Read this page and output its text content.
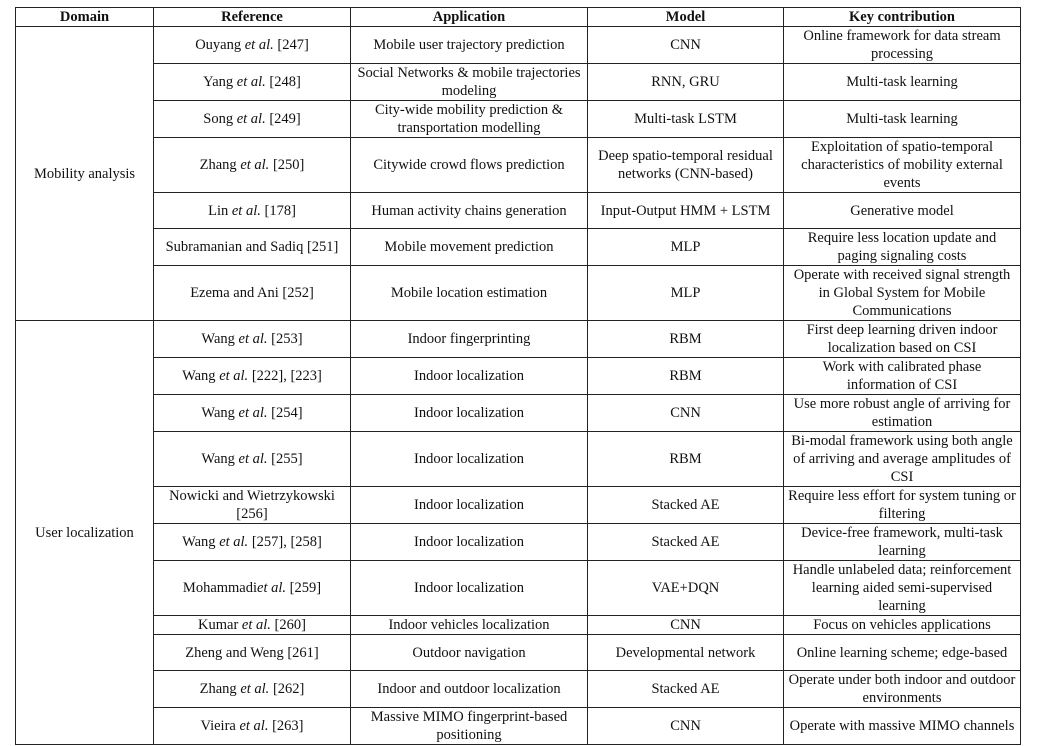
Domain	Reference	Application	Model	Key contribution
Mobility analysis	Ouyang et al. [247]	Mobile user trajectory prediction	CNN	Online framework for data stream processing
	Yang et al. [248]	Social Networks & mobile trajectories modeling	RNN, GRU	Multi-task learning
	Song et al. [249]	City-wide mobility prediction & transportation modelling	Multi-task LSTM	Multi-task learning
	Zhang et al. [250]	Citywide crowd flows prediction	Deep spatio-temporal residual networks (CNN-based)	Exploitation of spatio-temporal characteristics of mobility external events
	Lin et al. [178]	Human activity chains generation	Input-Output HMM + LSTM	Generative model
	Subramanian and Sadiq [251]	Mobile movement prediction	MLP	Require less location update and paging signaling costs
	Ezema and Ani [252]	Mobile location estimation	MLP	Operate with received signal strength in Global System for Mobile Communications
User localization	Wang et al. [253]	Indoor fingerprinting	RBM	First deep learning driven indoor localization based on CSI
	Wang et al. [222], [223]	Indoor localization	RBM	Work with calibrated phase information of CSI
	Wang et al. [254]	Indoor localization	CNN	Use more robust angle of arriving for estimation
	Wang et al. [255]	Indoor localization	RBM	Bi-modal framework using both angle of arriving and average amplitudes of CSI
	Nowicki and Wietrzykowski [256]	Indoor localization	Stacked AE	Require less effort for system tuning or filtering
	Wang et al. [257], [258]	Indoor localization	Stacked AE	Device-free framework, multi-task learning
	Mohammadiet al. [259]	Indoor localization	VAE+DQN	Handle unlabeled data; reinforcement learning aided semi-supervised learning
	Kumar et al. [260]	Indoor vehicles localization	CNN	Focus on vehicles applications
	Zheng and Weng [261]	Outdoor navigation	Developmental network	Online learning scheme; edge-based
	Zhang et al. [262]	Indoor and outdoor localization	Stacked AE	Operate under both indoor and outdoor environments
	Vieira et al. [263]	Massive MIMO fingerprint-based positioning	CNN	Operate with massive MIMO channels
